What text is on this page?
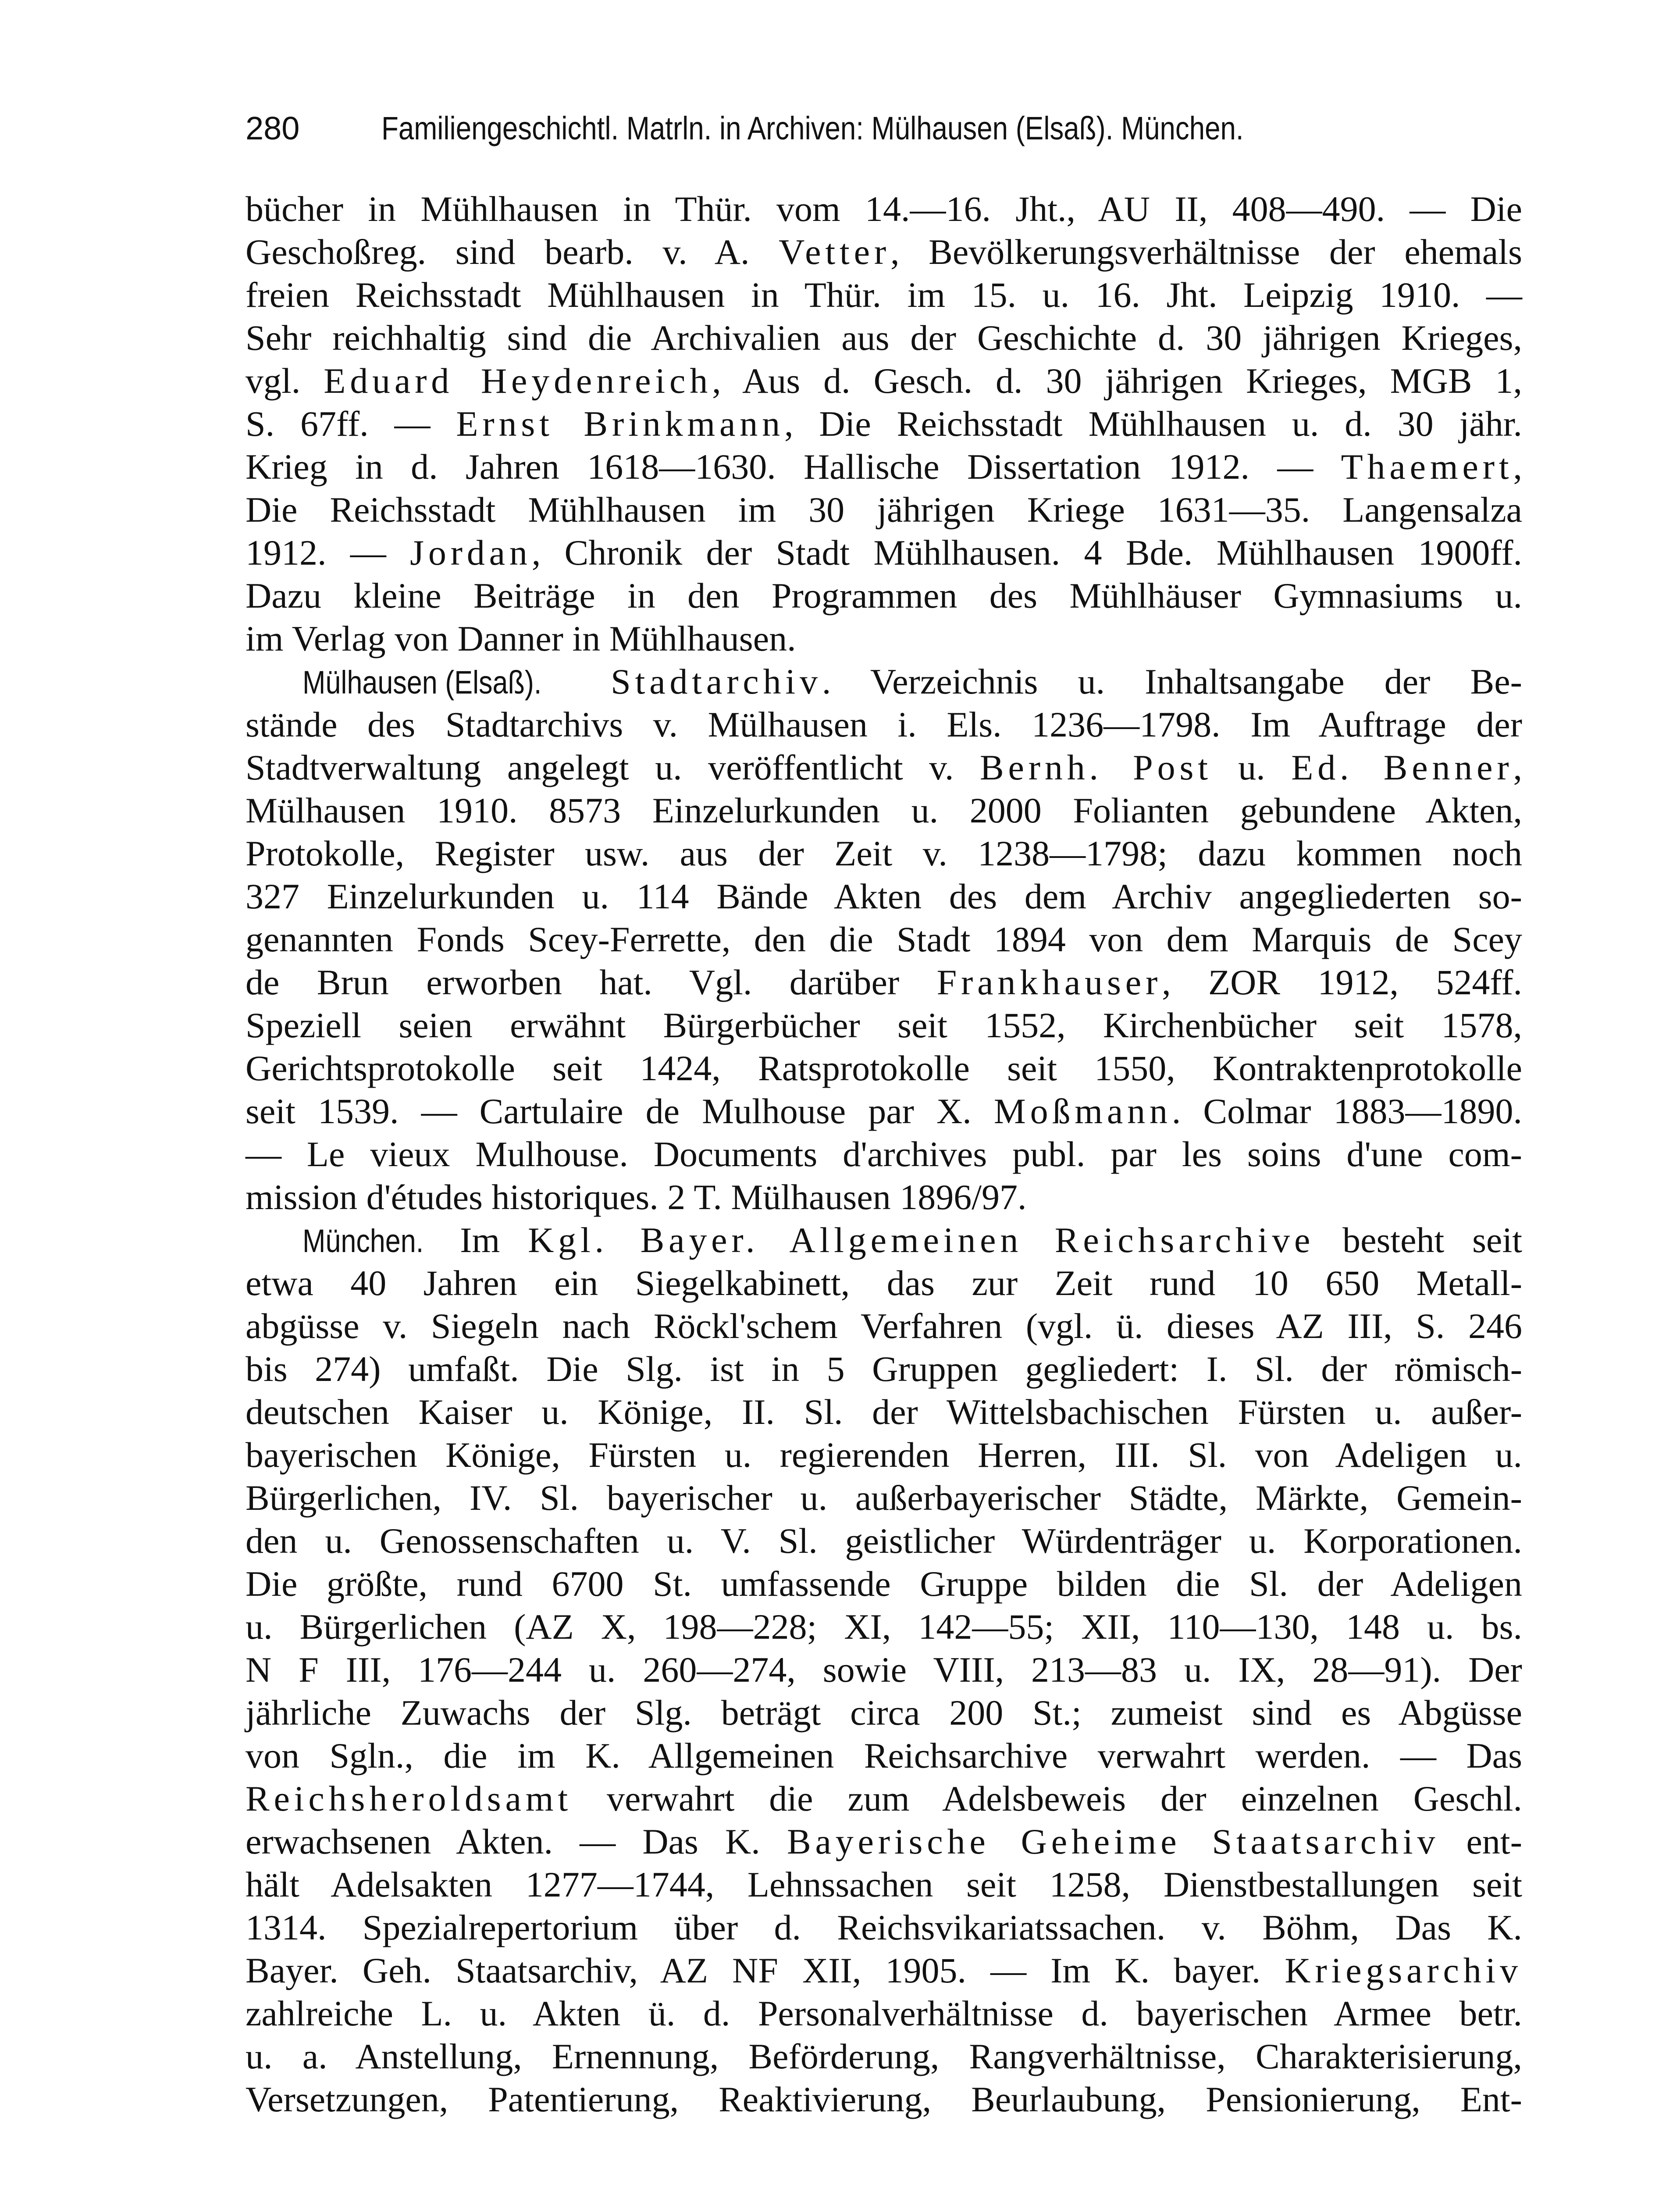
280	Familiengeschichtl. Matrln. in Archiven: Mülhausen (Elsaß). München.
bücher in Mühlhausen in Thür. vom 14.—16. Jht., AU II, 408—490. — Die
Geschoßreg. sind bearb. v. A. Vetter, Bevölkerungsverhältnisse der ehemals
freien Reichsstadt Mühlhausen in Thür. im 15. u. 16. Jht. Leipzig 1910. —
Sehr reichhaltig sind die Archivalien aus der Geschichte d. 30 jährigen Krieges,
vgl. Eduard Heydenreich, Aus d. Gesch. d. 30 jährigen Krieges, MGB 1,
S. 67ff. — Ernst Brinkmann, Die Reichsstadt Mühlhausen u. d. 30 jähr.
Krieg in d. Jahren 1618—1630. Hallische Dissertation 1912. — Thaemert,
Die Reichsstadt Mühlhausen im 30 jährigen Kriege 1631—35. Langensalza
1912. — Jordan, Chronik der Stadt Mühlhausen. 4 Bde. Mühlhausen 1900ff.
Dazu kleine Beiträge in den Programmen des Mühlhäuser Gymnasiums u.
im Verlag von Danner in Mühlhausen.
Mülhausen (Elsaß). Stadtarchiv. Verzeichnis u. Inhaltsangabe der Be-
stände des Stadtarchivs v. Mülhausen i. Els. 1236—1798. Im Auftrage der
Stadtverwaltung angelegt u. veröffentlicht v. Bernh. Post u. Ed. Benner,
Mülhausen 1910. 8573 Einzelurkunden u. 2000 Folianten gebundene Akten,
Protokolle, Register usw. aus der Zeit v. 1238—1798; dazu kommen noch
327 Einzelurkunden u. 114 Bände Akten des dem Archiv angegliederten so-
genannten Fonds Scey-Ferrette, den die Stadt 1894 von dem Marquis de Scey
de Brun erworben hat. Vgl. darüber Frankhauser, ZOR 1912, 524ff.
Speziell seien erwähnt Bürgerbücher seit 1552, Kirchenbücher seit 1578,
Gerichtsprotokolle seit 1424, Ratsprotokolle seit 1550, Kontraktenprotokolle
seit 1539. — Cartulaire de Mulhouse par X. Moßmann. Colmar 1883—1890.
— Le vieux Mulhouse. Documents d'archives publ. par les soins d'une com-
mission d'études historiques. 2 T. Mülhausen 1896/97.
München. Im Kgl. Bayer. Allgemeinen Reichsarchive besteht seit
etwa 40 Jahren ein Siegelkabinett, das zur Zeit rund 10 650 Metall-
abgüsse v. Siegeln nach Röckl'schem Verfahren (vgl. ü. dieses AZ III, S. 246
bis 274) umfaßt. Die Slg. ist in 5 Gruppen gegliedert: I. Sl. der römisch-
deutschen Kaiser u. Könige, II. Sl. der Wittelsbachischen Fürsten u. außer-
bayerischen Könige, Fürsten u. regierenden Herren, III. Sl. von Adeligen u.
Bürgerlichen, IV. Sl. bayerischer u. außerbayerischer Städte, Märkte, Gemein-
den u. Genossenschaften u. V. Sl. geistlicher Würdenträger u. Korporationen.
Die größte, rund 6700 St. umfassende Gruppe bilden die Sl. der Adeligen
u. Bürgerlichen (AZ X, 198—228; XI, 142—55; XII, 110—130, 148 u. bs.
N F III, 176—244 u. 260—274, sowie VIII, 213—83 u. IX, 28—91). Der
jährliche Zuwachs der Slg. beträgt circa 200 St.; zumeist sind es Abgüsse
von Sgln., die im K. Allgemeinen Reichsarchive verwahrt werden. — Das
Reichsheroldsamt verwahrt die zum Adelsbeweis der einzelnen Geschl.
erwachsenen Akten. — Das K. Bayerische Geheime Staatsarchiv ent-
hält Adelsakten 1277—1744, Lehnssachen seit 1258, Dienstbestallungen seit
1314. Spezialrepertorium über d. Reichsvikariatssachen. v. Böhm, Das K.
Bayer. Geh. Staatsarchiv, AZ NF XII, 1905. — Im K. bayer. Kriegsarchiv
zahlreiche L. u. Akten ü. d. Personalverhältnisse d. bayerischen Armee betr.
u. a. Anstellung, Ernennung, Beförderung, Rangverhältnisse, Charakterisierung,
Versetzungen, Patentierung, Reaktivierung, Beurlaubung, Pensionierung, Ent-
